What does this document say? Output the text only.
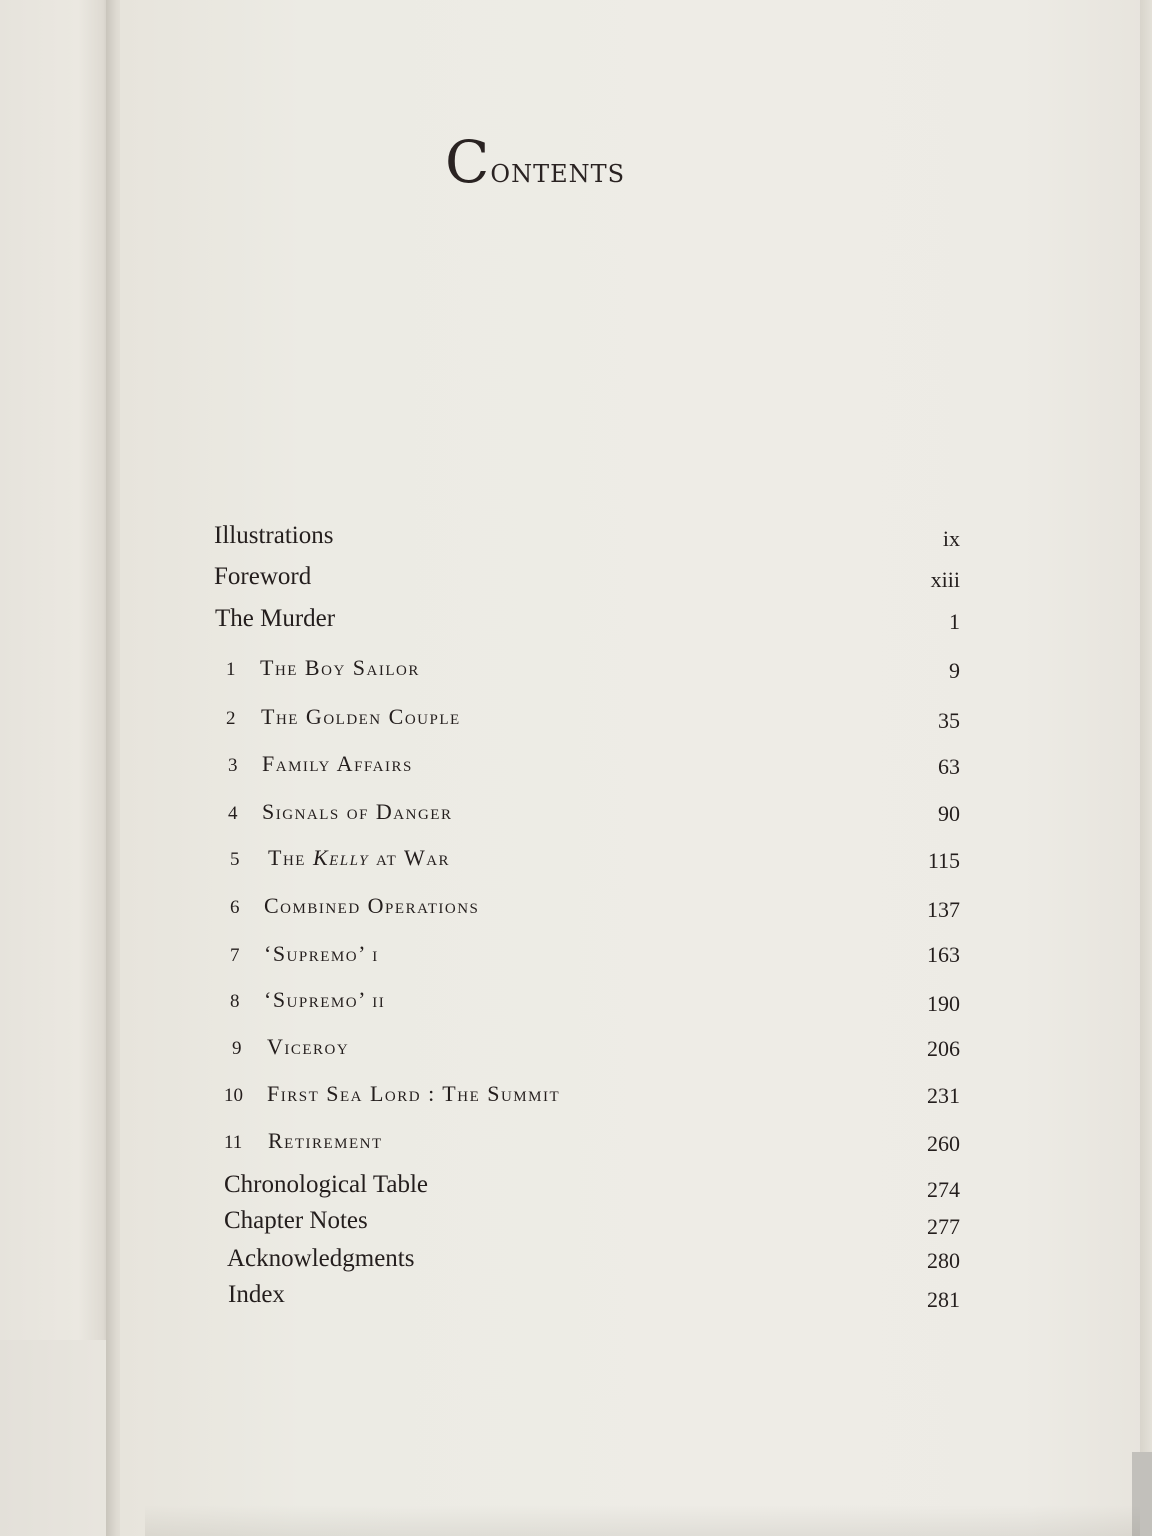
Contents
Illustrations	ix
Foreword	xiii
The Murder	1
1 The Boy Sailor	9
2 The Golden Couple	35
3 Family Affairs	63
4 Signals of Danger	90
5 The Kelly at War	115
6 Combined Operations	137
7 ‘Supremo’ i	163
8 ‘Supremo’ ii	190
9 Viceroy	206
10 First Sea Lord : The Summit	231
11 Retirement	260
Chronological Table	274
Chapter Notes	277
Acknowledgments	280
Index	281
